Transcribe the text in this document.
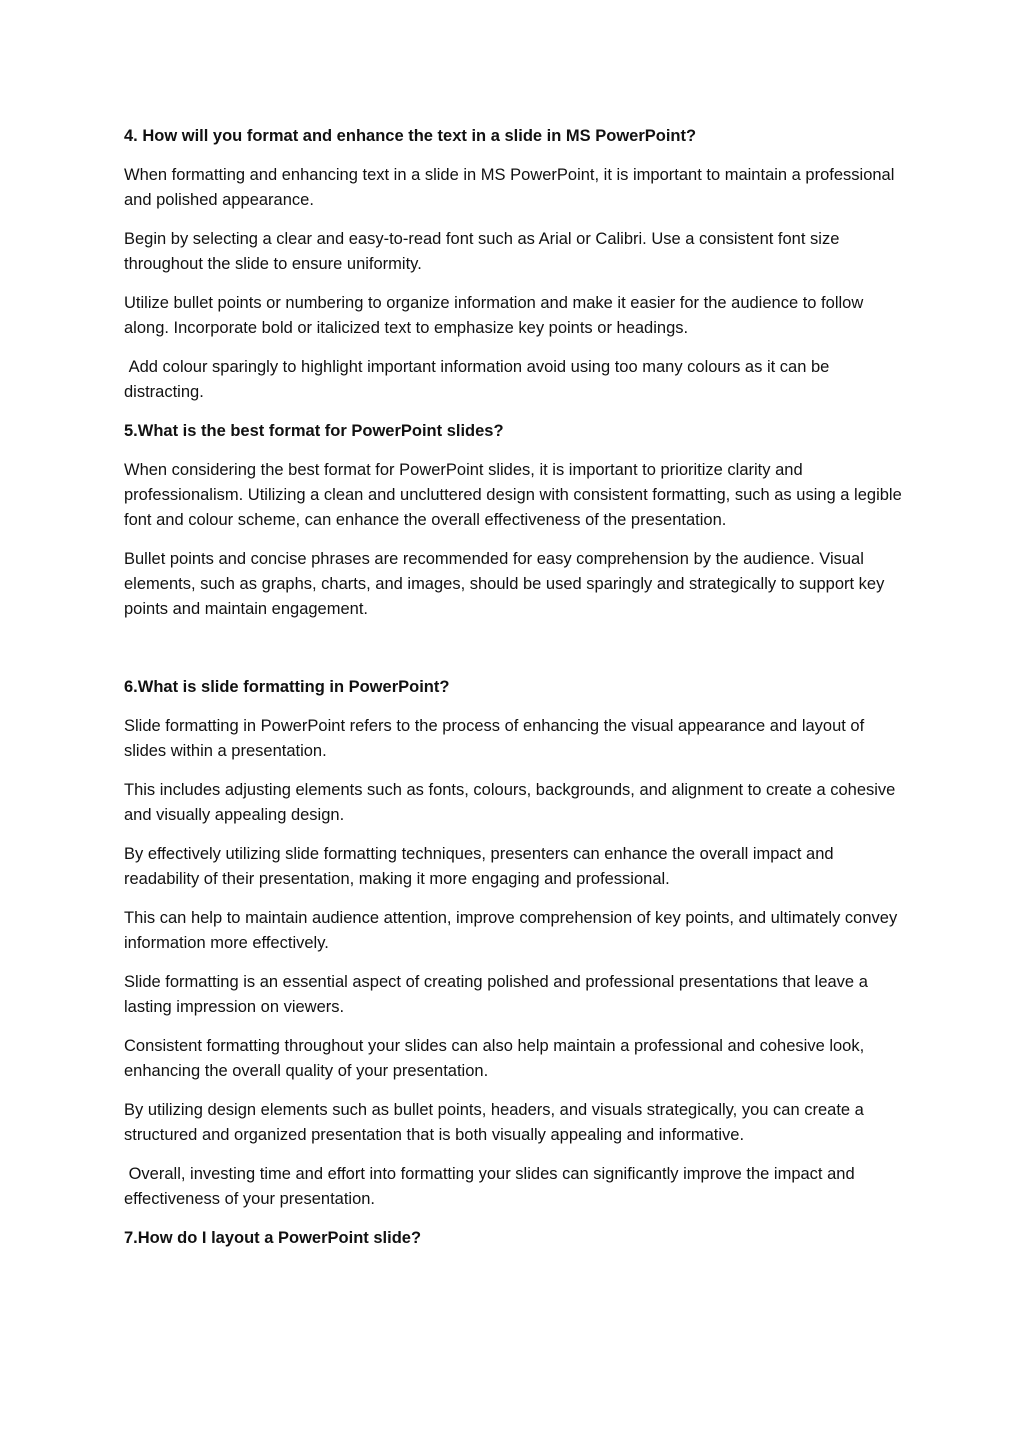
4. How will you format and enhance the text in a slide in MS PowerPoint?
When formatting and enhancing text in a slide in MS PowerPoint, it is important to maintain a professional and polished appearance.
Begin by selecting a clear and easy-to-read font such as Arial or Calibri. Use a consistent font size throughout the slide to ensure uniformity.
Utilize bullet points or numbering to organize information and make it easier for the audience to follow along. Incorporate bold or italicized text to emphasize key points or headings.
Add colour sparingly to highlight important information avoid using too many colours as it can be distracting.
5.What is the best format for PowerPoint slides?
When considering the best format for PowerPoint slides, it is important to prioritize clarity and professionalism. Utilizing a clean and uncluttered design with consistent formatting, such as using a legible font and colour scheme, can enhance the overall effectiveness of the presentation.
Bullet points and concise phrases are recommended for easy comprehension by the audience. Visual elements, such as graphs, charts, and images, should be used sparingly and strategically to support key points and maintain engagement.
6.What is slide formatting in PowerPoint?
Slide formatting in PowerPoint refers to the process of enhancing the visual appearance and layout of slides within a presentation.
This includes adjusting elements such as fonts, colours, backgrounds, and alignment to create a cohesive and visually appealing design.
By effectively utilizing slide formatting techniques, presenters can enhance the overall impact and readability of their presentation, making it more engaging and professional.
This can help to maintain audience attention, improve comprehension of key points, and ultimately convey information more effectively.
Slide formatting is an essential aspect of creating polished and professional presentations that leave a lasting impression on viewers.
Consistent formatting throughout your slides can also help maintain a professional and cohesive look, enhancing the overall quality of your presentation.
By utilizing design elements such as bullet points, headers, and visuals strategically, you can create a structured and organized presentation that is both visually appealing and informative.
Overall, investing time and effort into formatting your slides can significantly improve the impact and effectiveness of your presentation.
7.How do I layout a PowerPoint slide?
